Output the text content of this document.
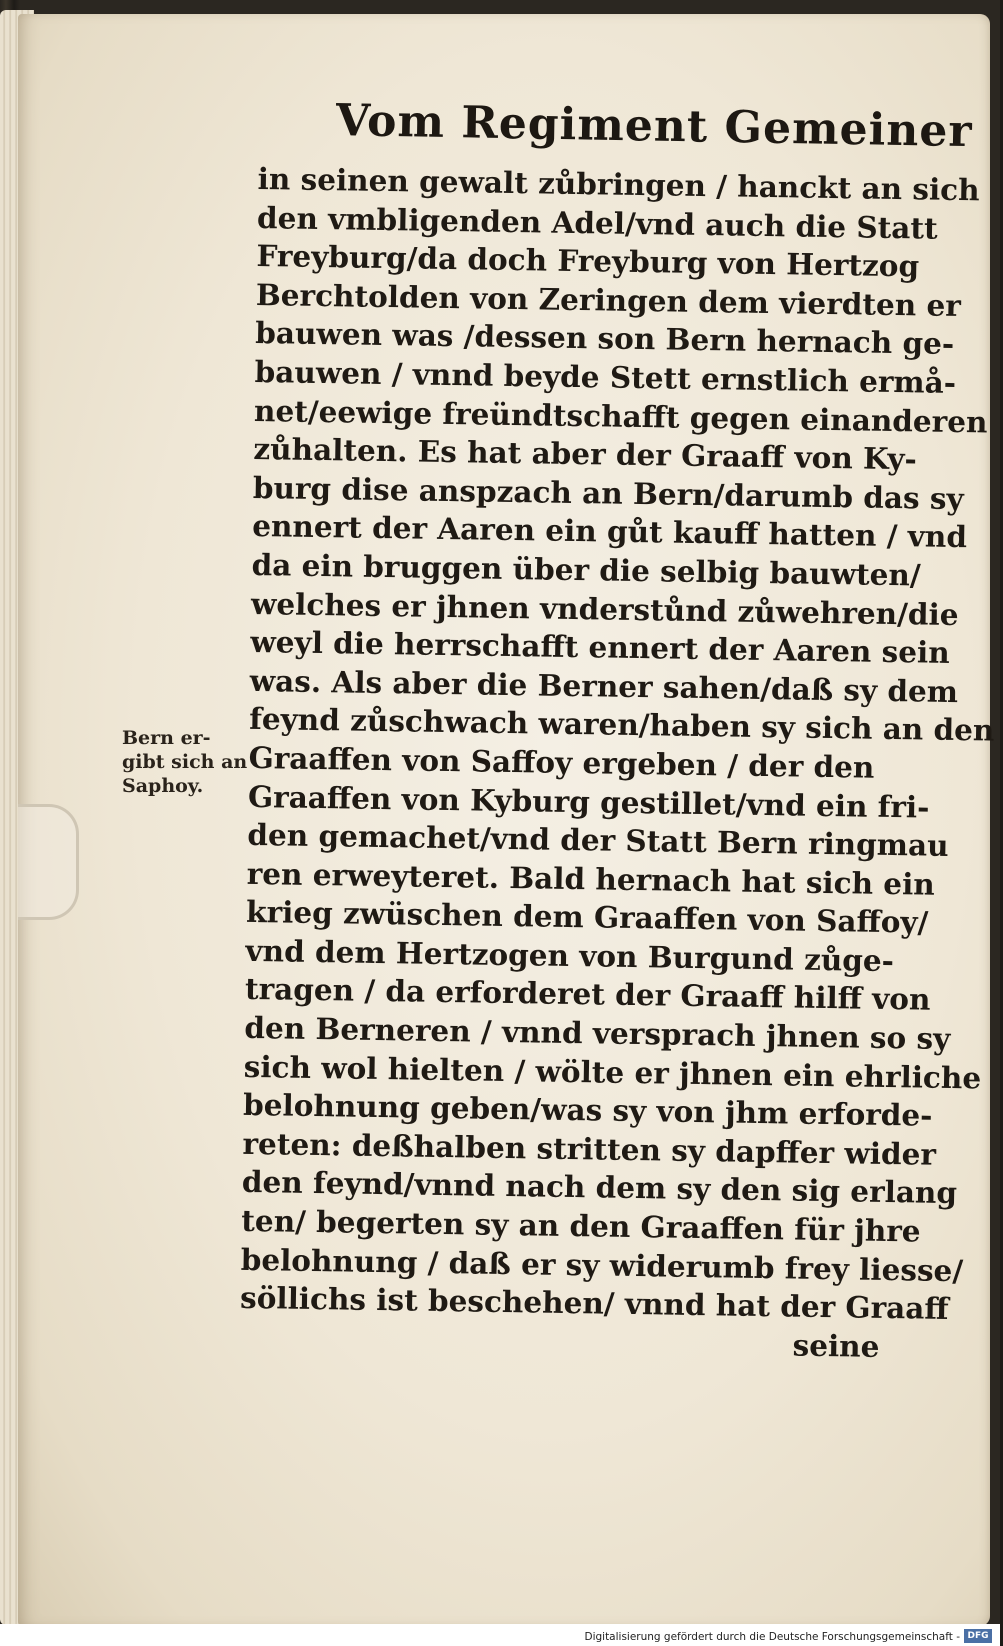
Vom Regiment Gemeiner
in seinen gewalt zůbringen / hanckt an sich
den vmbligenden Adel/vnd auch die Statt
Freyburg/da doch Freyburg von Hertzog
Berchtolden von Zeringen dem vierdten er
bauwen was /dessen son Bern hernach ge-
bauwen / vnnd beyde Stett ernstlich ermå-
net/eewige freündtschafft gegen einanderen
zůhalten. Es hat aber der Graaff von Ky-
burg dise anspzach an Bern/darumb das sy
ennert der Aaren ein gůt kauff hatten / vnd
da ein bruggen über die selbig bauwten/
welches er jhnen vnderstůnd zůwehren/die
weyl die herrschafft ennert der Aaren sein
was. Als aber die Berner sahen/daß sy dem
feynd zůschwach waren/haben sy sich an den
Graaffen von Saffoy ergeben / der den
Graaffen von Kyburg gestillet/vnd ein fri-
den gemachet/vnd der Statt Bern ringmau
ren erweyteret. Bald hernach hat sich ein
krieg zwüschen dem Graaffen von Saffoy/
vnd dem Hertzogen von Burgund zůge-
tragen / da erforderet der Graaff hilff von
den Berneren / vnnd versprach jhnen so sy
sich wol hielten / wölte er jhnen ein ehrliche
belohnung geben/was sy von jhm erforde-
reten: deßhalben stritten sy dapffer wider
den feynd/vnnd nach dem sy den sig erlang
ten/ begerten sy an den Graaffen für jhre
belohnung / daß er sy widerumb frey liesse/
söllichs ist beschehen/ vnnd hat der Graaff
seine
Bern er-
gibt sich an
Saphoy.
Digitalisierung gefördert durch die Deutsche Forschungsgemeinschaft - DFG
